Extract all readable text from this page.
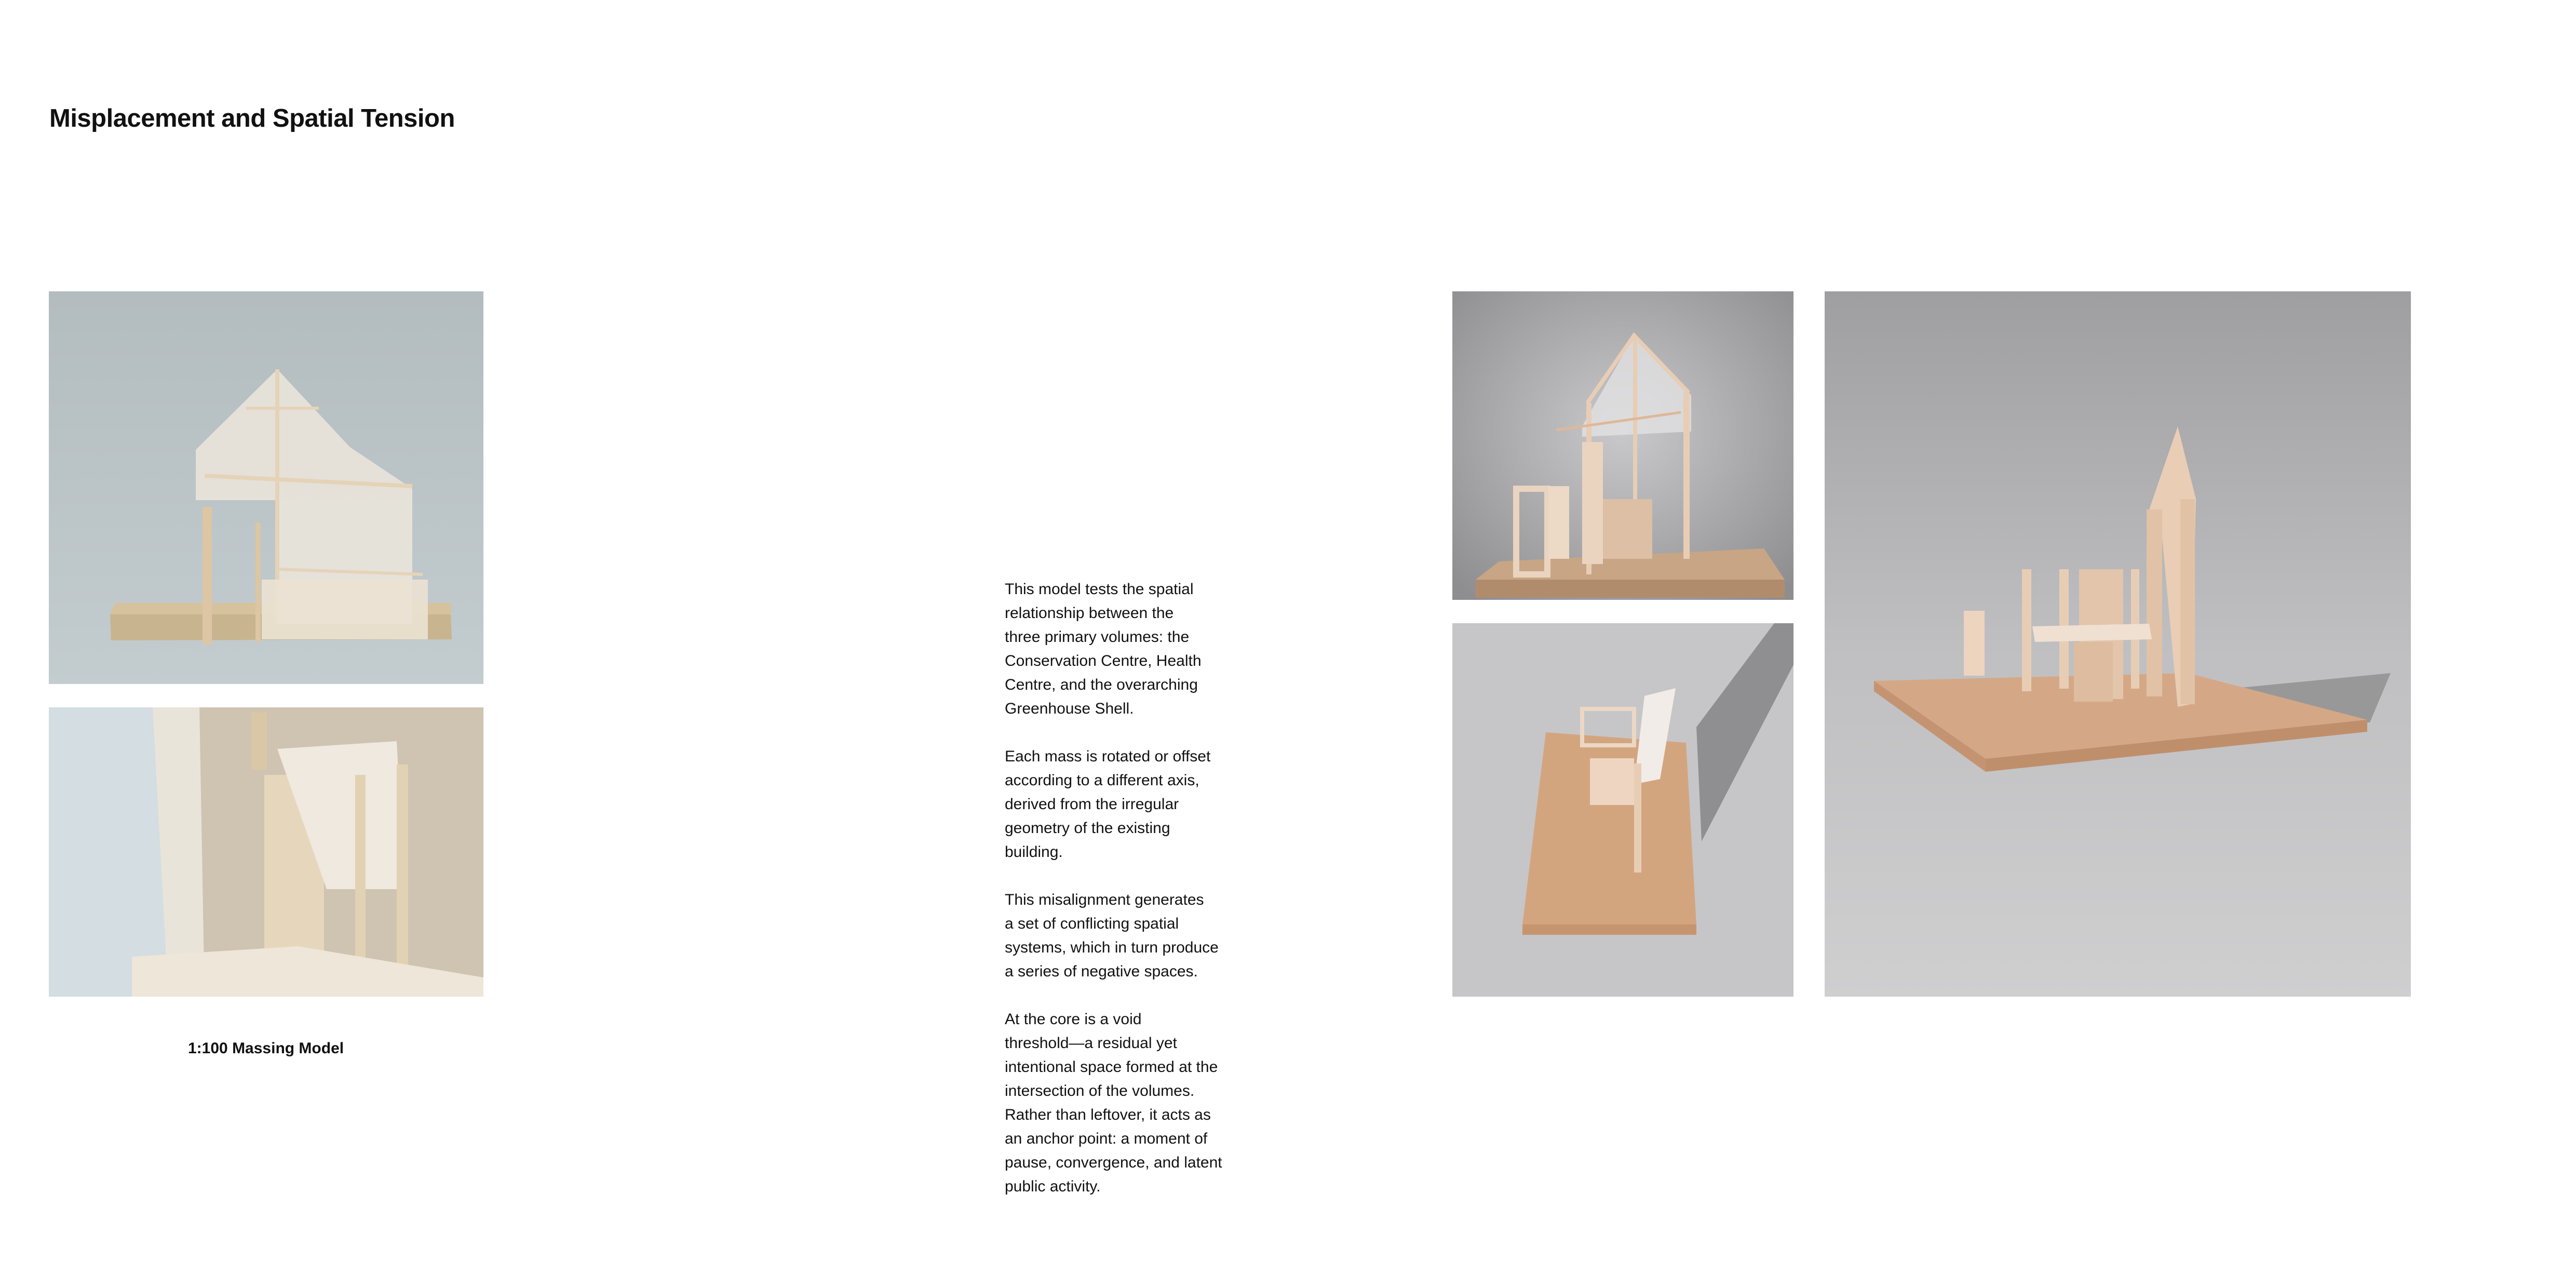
Misplacement and Spatial Tension
1:100 Massing Model

This model tests the spatial
relationship between the
three primary volumes: the
Conservation Centre, Health
Centre, and the overarching
Greenhouse Shell.

Each mass is rotated or offset
according to a different axis,
derived from the irregular
geometry of the existing
building.

This misalignment generates
a set of conflicting spatial
systems, which in turn produce
a series of negative spaces.

At the core is a void
threshold—a residual yet
intentional space formed at the
intersection of the volumes.
Rather than leftover, it acts as
an anchor point: a moment of
pause, convergence, and latent
public activity.
